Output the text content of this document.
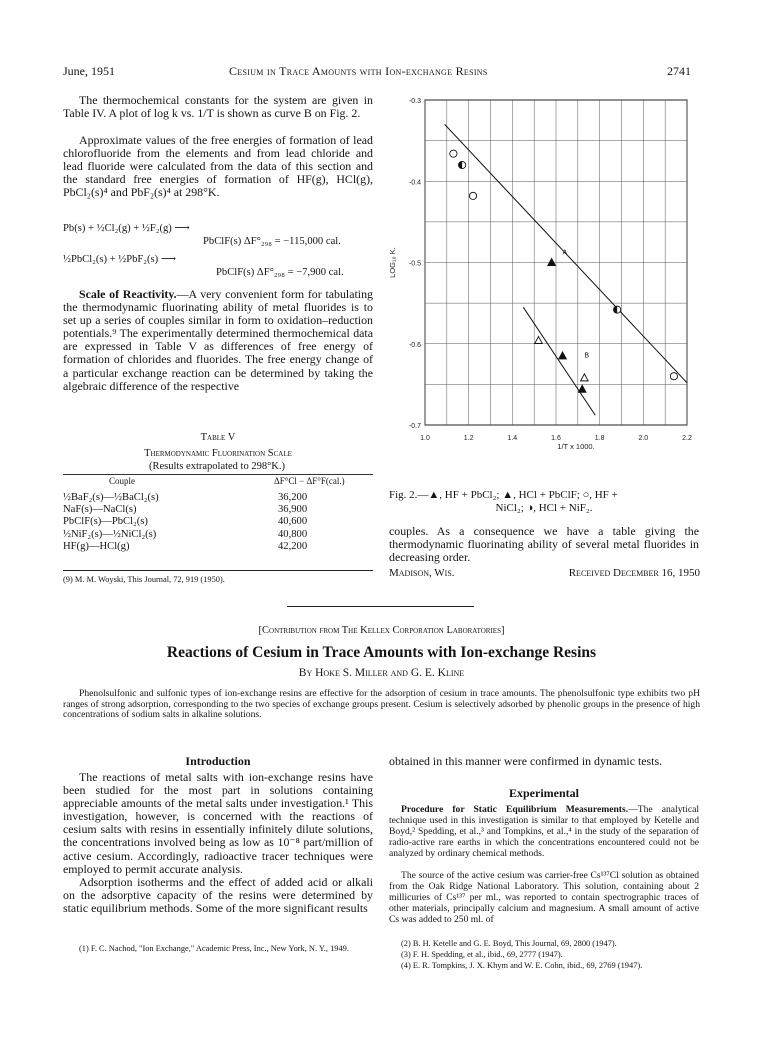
June, 1951	Cesium in Trace Amounts with Ion-exchange Resins	2741
The thermochemical constants for the system are given in Table IV. A plot of log k vs. 1/T is shown as curve B on Fig. 2.
Approximate values of the free energies of formation of lead chlorofluoride from the elements and from lead chloride and lead fluoride were calculated from the data of this section and the standard free energies of formation of HF(g), HCl(g), PbCl₂(s)⁴ and PbF₂(s)⁴ at 298°K.
Pb(s) + ½Cl₂(g) + ½F₂(g) ⟶
PbClF(s) ΔF°₂₉₈ = −115,000 cal.
½PbCl₂(s) + ½PbF₂(s) ⟶
PbClF(s) ΔF°₂₉₈ = −7,900 cal.
Scale of Reactivity.—A very convenient form for tabulating the thermodynamic fluorinating ability of metal fluorides is to set up a series of couples similar in form to oxidation–reduction potentials.⁹ The experimentally determined thermochemical data are expressed in Table V as differences of free energy of formation of chlorides and fluorides. The free energy change of a particular exchange reaction can be determined by taking the algebraic difference of the respective
Table V
Thermodynamic Fluorination Scale
(Results extrapolated to 298°K.)
Couple	ΔF°Cl − ΔF°F(cal.)
½BaF₂(s)—½BaCl₂(s)	36,200
NaF(s)—NaCl(s)	36,900
PbClF(s)—PbCl₂(s)	40,600
½NiF₂(s)—½NiCl₂(s)	40,800
HF(g)—HCl(g)	42,200
(9) M. M. Woyski, This Journal, 72, 919 (1950).
-0.3
-0.4
-0.5
-0.6
-0.7
1.0	1.2	1.4	1.6	1.8	2.0	2.2
1/T x 1000.
LOG₁₀ K.	A
B
Fig. 2.—▲, HF + PbCl₂; ▲, HCl + PbClF; ○, HF +
NiCl₂; ◑, HCl + NiF₂.
couples. As a consequence we have a table giving the thermodynamic fluorinating ability of several metal fluorides in decreasing order.
Madison, Wis.	Received December 16, 1950
[Contribution from The Kellex Corporation Laboratories]
Reactions of Cesium in Trace Amounts with Ion-exchange Resins
By Hoke S. Miller and G. E. Kline
Phenolsulfonic and sulfonic types of ion-exchange resins are effective for the adsorption of cesium in trace amounts. The phenolsulfonic type exhibits two pH ranges of strong adsorption, corresponding to the two species of exchange groups present. Cesium is selectively adsorbed by phenolic groups in the presence of high concentrations of sodium salts in alkaline solutions.
Introduction
The reactions of metal salts with ion-exchange resins have been studied for the most part in solutions containing appreciable amounts of the metal salts under investigation.¹ This investigation, however, is concerned with the reactions of cesium salts with resins in essentially infinitely dilute solutions, the concentrations involved being as low as 10⁻⁸ part/million of active cesium. Accordingly, radioactive tracer techniques were employed to permit accurate analysis.
Adsorption isotherms and the effect of added acid or alkali on the adsorptive capacity of the resins were determined by static equilibrium methods. Some of the more significant results
(1) F. C. Nachod, "Ion Exchange," Academic Press, Inc., New York, N. Y., 1949.
obtained in this manner were confirmed in dynamic tests.
Experimental
Procedure for Static Equilibrium Measurements.—The analytical technique used in this investigation is similar to that employed by Ketelle and Boyd,² Spedding, et al.,³ and Tompkins, et al.,⁴ in the study of the separation of radio-active rare earths in which the concentrations encountered could not be analyzed by ordinary chemical methods.
The source of the active cesium was carrier-free Cs¹³⁷Cl solution as obtained from the Oak Ridge National Laboratory. This solution, containing about 2 millicuries of Cs¹³⁷ per ml., was reported to contain spectrographic traces of other materials, principally calcium and magnesium. A small amount of active Cs was added to 250 ml. of
(2) B. H. Ketelle and G. E. Boyd, This Journal, 69, 2800 (1947).
(3) F. H. Spedding, et al., ibid., 69, 2777 (1947).
(4) E. R. Tompkins, J. X. Khym and W. E. Cohn, ibid., 69, 2769 (1947).
